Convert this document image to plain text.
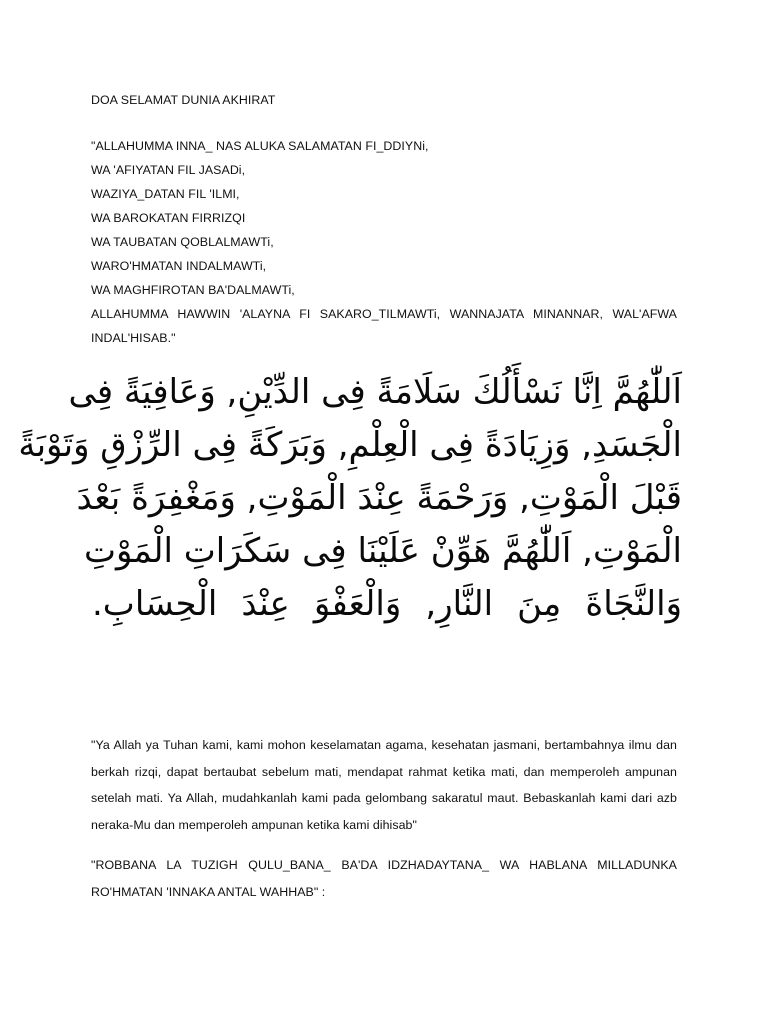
DOA SELAMAT DUNIA AKHIRAT
"ALLAHUMMA INNA_ NAS ALUKA SALAMATAN FI_DDIYNi,
WA 'AFIYATAN FIL JASADi,
WAZIYA_DATAN FIL 'ILMI,
WA BAROKATAN FIRRIZQI
WA TAUBATAN QOBLALMAWTi,
WARO'HMATAN INDALMAWTi,
WA MAGHFIROTAN BA'DALMAWTi,
ALLAHUMMA HAWWIN 'ALAYNA FI SAKARO_TILMAWTi, WANNAJATA MINANNAR, WAL'AFWA INDAL'HISAB."
اَللّٰهُمَّ اِنَّا نَسْأَلُكَ سَلَامَةً فِى الدِّيْنِ, وَعَافِيَةً فِى
الْجَسَدِ, وَزِيَادَةً فِى الْعِلْمِ, وَبَرَكَةً فِى الرِّزْقِ وَتَوْبَةً
قَبْلَ الْمَوْتِ, وَرَحْمَةً عِنْدَ الْمَوْتِ, وَمَغْفِرَةً بَعْدَ
الْمَوْتِ, اَللّٰهُمَّ هَوِّنْ عَلَيْنَا فِى سَكَرَاتِ الْمَوْتِ
وَالنَّجَاةَ مِنَ النَّارِ, وَالْعَفْوَ عِنْدَ الْحِسَابِ.
"Ya Allah ya Tuhan kami, kami mohon keselamatan agama, kesehatan jasmani, bertambahnya ilmu dan berkah rizqi, dapat bertaubat sebelum mati, mendapat rahmat ketika mati, dan memperoleh ampunan setelah mati. Ya Allah, mudahkanlah kami pada gelombang sakaratul maut. Bebaskanlah kami dari azb neraka-Mu dan memperoleh ampunan ketika kami dihisab"
"ROBBANA LA TUZIGH QULU_BANA_ BA'DA IDZHADAYTANA_ WA HABLANA MILLADUNKA RO'HMATAN 'INNAKA ANTAL WAHHAB" :
